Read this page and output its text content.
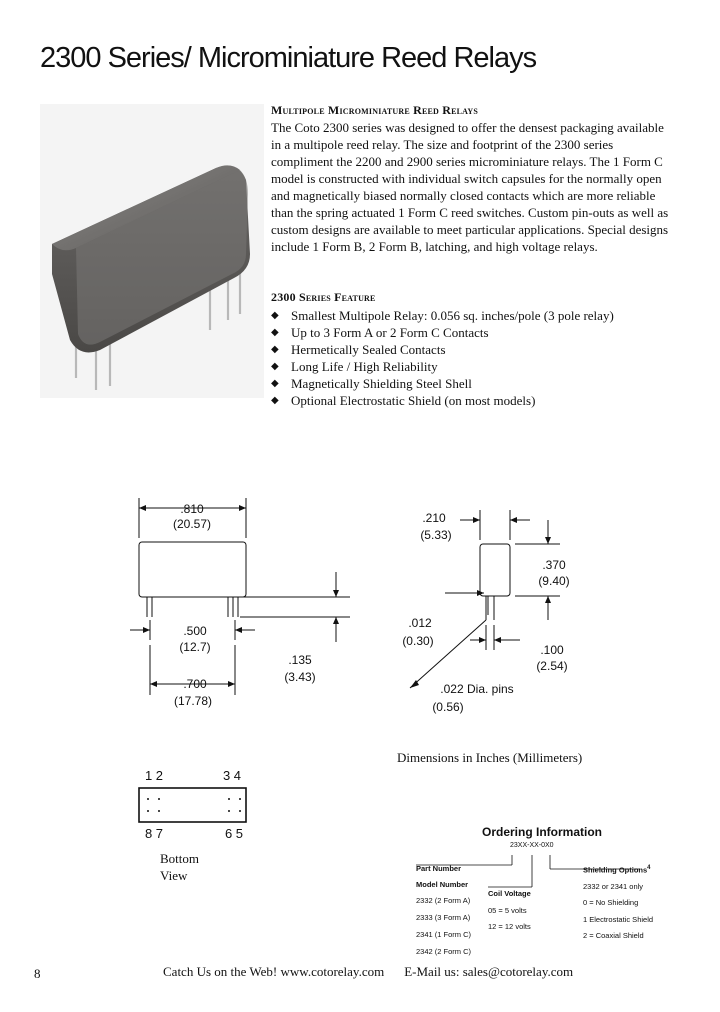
2300 Series/ Microminiature Reed Relays
Multipole Microminiature Reed Relays

The Coto 2300 series was designed to offer the densest packaging available in a multipole reed relay. The size and footprint of the 2300 series compliment the 2200 and 2900 series microminiature relays. The 1 Form C model is constructed with individual switch capsules for the normally open and magnetically biased normally closed contacts which are more reliable than the spring actuated 1 Form C reed switches. Custom pin-outs as well as custom designs are available to meet particular applications. Special designs include 1 Form B, 2 Form B, latching, and high voltage relays.

2300 Series Feature
◆ Smallest Multipole Relay: 0.056 sq. inches/pole (3 pole relay)
◆ Up to 3 Form A or 2 Form C Contacts
◆ Hermetically Sealed Contacts
◆ Long Life / High Reliability
◆ Magnetically Shielding Steel Shell
◆ Optional Electrostatic Shield (on most models)
.810
(20.57)
.500
(12.7)
.700
(17.78)
.135
(3.43)
.210
(5.33)
.370
(9.40)
.012
(0.30)
.100
(2.54)
.022 Dia. pins
(0.56)
1 2	3 4
8 7	6 5
Dimensions in Inches (Millimeters)
Bottom View
Ordering Information
23XX-XX-0X0
Part Number
Model Number
2332 (2 Form A)
2333 (3 Form A)
2341 (1 Form C)
2342 (2 Form C)
Coil Voltage
05 = 5 volts
12 = 12 volts
Shielding Options$^4$
2332 or 2341 only
0 = No Shielding
1 Electrostatic Shield
2 = Coaxial Shield
8	Catch Us on the Web! www.cotorelay.com E-Mail us: sales@cotorelay.com
